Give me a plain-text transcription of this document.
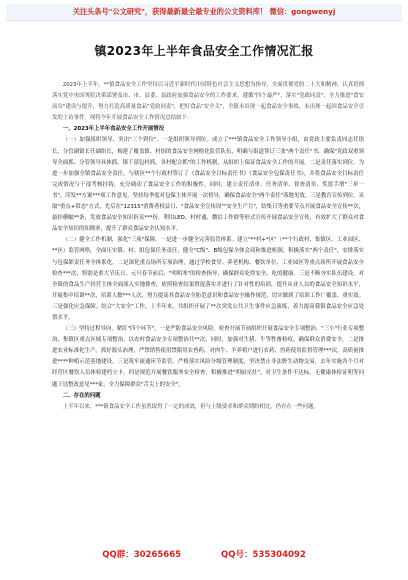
关注头条号"公文研究"，获得最新最全最专业的公文资料库！ 微信：gongwenyj
镇2023年上半年食品安全工作情况汇报

2023年上半年，**镇食品安全工作坚持以习近平新时代中国特色社会主义思想为指导，全面贯彻党的二十大和精神，认真贯彻落实党中央国务院决策部署及市、市、县委、县政府加强食品安全的工作要求，遵循"四个最严"，落实"党政同责"，全力推进"食安南谷"建设与提升，努力打造高质量食品"党政同责"，把好食品"安全关"，全镇未出现一起食品安全事故，未出现一起因食品安全引发的上访事件。现将今年开展食品安全工作情况总结如下：

一、2023年上半年食品安全工作开展情况

（一）加强组织领导，突出"三个到位"。一是组织领导到位。成立了***镇食品安全工作领导小组，由党政主要负责同志任组长，分管副镇长任副组长，构建了覆盖镇、村组的食品安全网格化监管队伍，明确与街道签订三张"两个责任"书，确保"党政双重领导全面抓、分管领导具体抓、镇干部包村抓，各村配合抓"的工作机制，从组织上保证食品安全工作的开展。二是责任落实到位。为进一步加强全镇食品安全责任，与辖区**个行政村签订了《食品安全目标责任书》《食品安全包保责任书》，并将食品安全目标责任完成情况与干部考核挂钩，充分调动了食品安全工作的积极性。同时，建立责任清单、任务清单、督查清单、奖惩手册"三单一书"，印发**方案***项工作意见，坚持每季度对包保主体开展一次督导，确保食品安全"两个责任"落地见效。三是教育宣传到位。采取"重点+常态"方式，先后在"12315"消费者权益日、"食品安全宣传周""安全生产月"，结集日等重要节点开展食品安全宣传**次，悬挂横幅**条，发放食品安全知识折页***份，利用LED、村村通、微信工作群等形式宣传开展食品安全宣传，有效扩大了群众对食品安全知识的知晓率，提升了群众食品安全认知水平。

（二）健全工作机制，强化"三项"保障。一是进一步健全完善监管体系。建立"**村+*区"（**个行政村、集镇区、工业园区、**区）监管网格，全面压实镇、村、组包保任务责任，健全"C级"、B级包保全体会商和推进机制，积极落实"两个责任"，安排落实与包保职责任务全体系化。二是深化重点场所专项治理，通过学校食堂、养老机构、餐饮单位、工业园区等重点场所开展食品安全检查***次，特别是重大节庆日、元旦春节前后、"明明寒"的检查指导，确保群众吃得安全、吃的健康。三是不断夯实队伍建设。对全镇的食品生产经营主体全面深入实地排查，依照检查结果督促落实并进行了针对性的培训，提升从业人员的食品安全知识水平，开展集中培训**次，培训人数***人次，努力提高其食品安全防范意识和食品安全操作规范，切实做到了培训工作广覆盖、重实效。三是强化应急保障。结合"大安全"工作，上半年来，共组织开展了**次突发公共卫生事件应急演练，着力提高我镇食品安全应急处置水平。

（三）坚持过程导向，紧盯"四个环节"。一是严防食品安全风险。密查开展节前组织开展食品安全专项整治、"三小"行业专项整治、集镇区重点区域专项整治，以农村食品安全专项整治共**次，同时，加强对生猪、牛等牲畜检疫，确保群众消费安全。二是推进农业标准化生产。抓好源头治理，严禁销售使用禁限用农兽药，对肉牛、羊养殖户进行农药、兽药使用监督管理***次，高质量推进****种植示范基地建设。三是筑牢流通环节监管。严格落实风险分级管理制度，坚决禁止非法野生动物交易，去年实施各个月对经营区餐饮人员体检建档立卡，四是规范开展餐饮服务安全检查，积极推进"明厨亮灶"，对卫生条件不达标，无健康体检证明等问题下达整改意见***家，全力保障群众"舌尖上的安全"。

二、存在的问题

上半年以来，***镇食品安全工作虽然取得了一定的成效，但与上级要求和群众期盼相比，仍存在一些问题。

QQ群：30265665	QQ号：535304092
